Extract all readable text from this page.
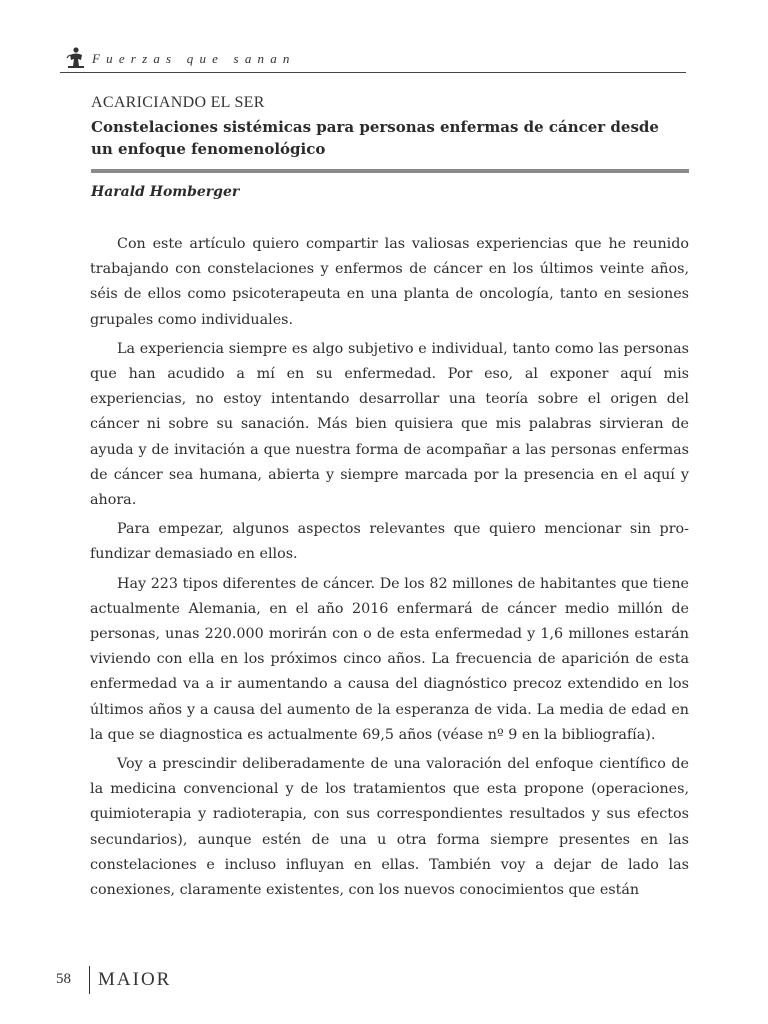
Fuerzas que sanan
ACARICIANDO EL SER
Constelaciones sistémicas para personas enfermas de cáncer desde
un enfoque fenomenológico
Harald Homberger

Con este artículo quiero compartir las valiosas experiencias que he reunido trabajando con constelaciones y enfermos de cáncer en los últimos veinte años, séis de ellos como psicoterapeuta en una planta de oncología, tanto en sesiones grupales como individuales.

La experiencia siempre es algo subjetivo e individual, tanto como las personas que han acudido a mí en su enfermedad. Por eso, al exponer aquí mis experiencias, no estoy intentando desarrollar una teoría sobre el origen del cáncer ni sobre su sanación. Más bien quisiera que mis palabras sirvieran de ayuda y de invitación a que nuestra forma de acompañar a las personas enfermas de cáncer sea humana, abierta y siempre marcada por la presencia en el aquí y ahora.

Para empezar, algunos aspectos relevantes que quiero mencionar sin profundizar demasiado en ellos.

Hay 223 tipos diferentes de cáncer. De los 82 millones de habitantes que tiene actualmente Alemania, en el año 2016 enfermará de cáncer medio millón de personas, unas 220.000 morirán con o de esta enfermedad y 1,6 millones estarán viviendo con ella en los próximos cinco años. La frecuencia de aparición de esta enfermedad va a ir aumentando a causa del diagnóstico precoz extendido en los últimos años y a causa del aumento de la esperanza de vida. La media de edad en la que se diagnostica es actualmente 69,5 años (véase nº 9 en la bibliografía).

Voy a prescindir deliberadamente de una valoración del enfoque científico de la medicina convencional y de los tratamientos que esta propone (operaciones, quimioterapia y radioterapia, con sus correspondientes resultados y sus efectos secundarios), aunque estén de una u otra forma siempre presentes en las constelaciones e incluso influyan en ellas. También voy a dejar de lado las conexiones, claramente existentes, con los nuevos conocimientos que están

58 MAIOR
